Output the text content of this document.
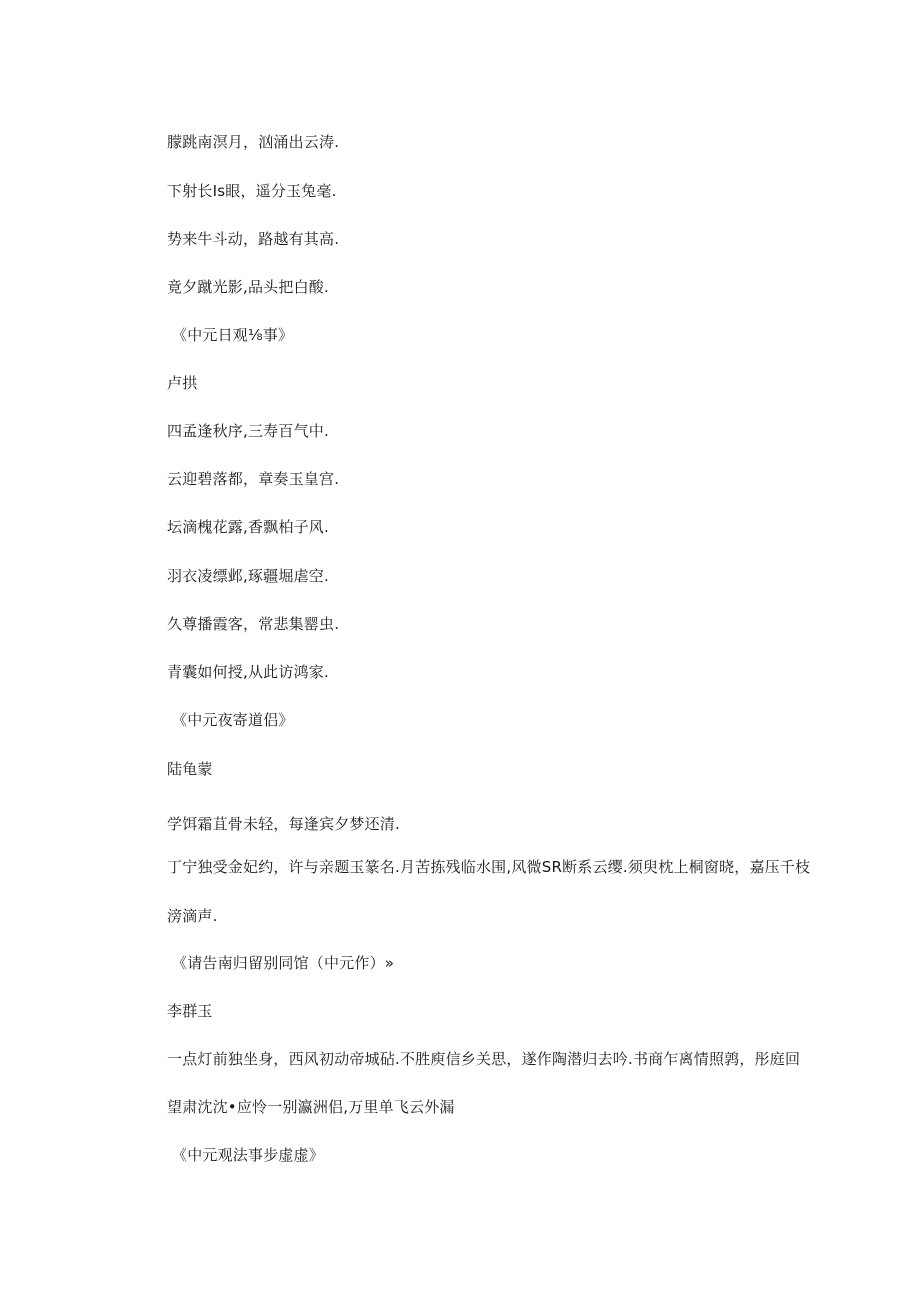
朦跳南溟月，汹涌出云涛.
下射长Is眼，遥分玉兔毫.
势来牛斗动，路越有其高.
竟夕蹴光影,品头把白酸.
《中元日观⅛事》
卢拱
四孟逢秋序,三寿百气中.
云迎碧落都，章奏玉皇宫.
坛滴槐花露,香飘柏子风.
羽衣凌缥邺,琢疆堀虐空.
久尊播霞客，常悲集罂虫.
青囊如何授,从此访鸿家.
《中元夜寄道侣》
陆龟蒙
学饵霜苴骨未轻，每逢宾夕梦还清.
丁宁独受金妃约，许与亲题玉篆名.月苦拣残临水围,风微SR断系云缨.须臾枕上桐窗晓，嘉压千枝
滂滴声.
《请告南归留别同馆（中元作）»
李群玉
一点灯前独坐身，西风初动帝城砧.不胜庾信乡关思，遂作陶潜归去吟.书商乍离情照鹑，彤庭回
望肃沈沈•应怜一别瀛洲侣,万里单飞云外漏
《中元观法事步虚虚》
